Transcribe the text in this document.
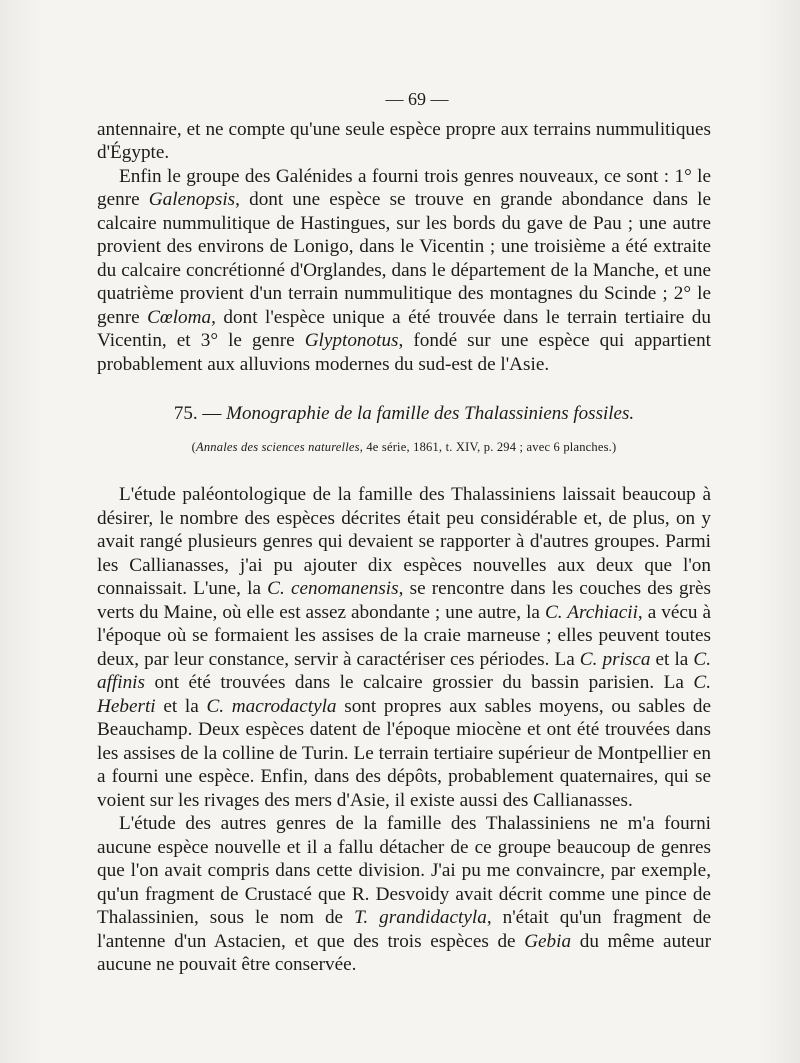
— 69 —

antennaire, et ne compte qu'une seule espèce propre aux terrains nummulitiques d'Égypte.

Enfin le groupe des Galénides a fourni trois genres nouveaux, ce sont : 1° le genre Galenopsis, dont une espèce se trouve en grande abondance dans le calcaire nummulitique de Hastingues, sur les bords du gave de Pau ; une autre provient des environs de Lonigo, dans le Vicentin ; une troisième a été extraite du calcaire concrétionné d'Orglandes, dans le département de la Manche, et une quatrième provient d'un terrain nummulitique des montagnes du Scinde ; 2° le genre Cœloma, dont l'espèce unique a été trouvée dans le terrain tertiaire du Vicentin, et 3° le genre Glyptonotus, fondé sur une espèce qui appartient probablement aux alluvions modernes du sud-est de l'Asie.

75. — Monographie de la famille des Thalassiniens fossiles.
(Annales des sciences naturelles, 4e série, 1861, t. XIV, p. 294 ; avec 6 planches.)

L'étude paléontologique de la famille des Thalassiniens laissait beaucoup à désirer, le nombre des espèces décrites était peu considérable et, de plus, on y avait rangé plusieurs genres qui devaient se rapporter à d'autres groupes. Parmi les Callianasses, j'ai pu ajouter dix espèces nouvelles aux deux que l'on connaissait. L'une, la C. cenomanensis, se rencontre dans les couches des grès verts du Maine, où elle est assez abondante ; une autre, la C. Archiacii, a vécu à l'époque où se formaient les assises de la craie marneuse ; elles peuvent toutes deux, par leur constance, servir à caractériser ces périodes. La C. prisca et la C. affinis ont été trouvées dans le calcaire grossier du bassin parisien. La C. Heberti et la C. macrodactyla sont propres aux sables moyens, ou sables de Beauchamp. Deux espèces datent de l'époque miocène et ont été trouvées dans les assises de la colline de Turin. Le terrain tertiaire supérieur de Montpellier en a fourni une espèce. Enfin, dans des dépôts, probablement quaternaires, qui se voient sur les rivages des mers d'Asie, il existe aussi des Callianasses.

L'étude des autres genres de la famille des Thalassiniens ne m'a fourni aucune espèce nouvelle et il a fallu détacher de ce groupe beaucoup de genres que l'on avait compris dans cette division. J'ai pu me convaincre, par exemple, qu'un fragment de Crustacé que R. Desvoidy avait décrit comme une pince de Thalassinien, sous le nom de T. grandidactyla, n'était qu'un fragment de l'antenne d'un Astacien, et que des trois espèces de Gebia du même auteur aucune ne pouvait être conservée.
